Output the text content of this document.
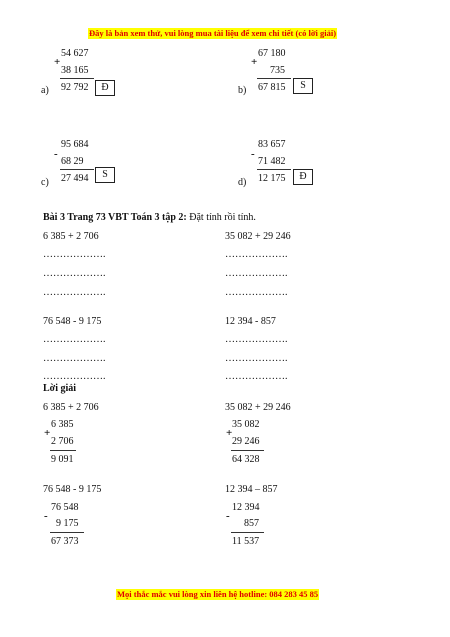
Đây là bản xem thử, vui lòng mua tài liệu để xem chi tiết (có lời giải)
+
54 627
38 165
a) 92 792	Đ
+
67 180
735
b) 67 815	S
-
95 684
68 29
c) 27 494	S
-
83 657
71 482
d) 12 175	Đ
Bài 3 Trang 73 VBT Toán 3 tập 2: Đặt tính rồi tính.
6 385 + 2 706
……………….
……………….
……………….
35 082 + 29 246
……………….
……………….
……………….
76 548 - 9 175
……………….
……………….
……………….
12 394 - 857
……………….
……………….
……………….
Lời giải
6 385 + 2 706
+
6 385
2 706
9 091
35 082 + 29 246
+
35 082
29 246
64 328
76 548 - 9 175
-
76 548
9 175
67 373
12 394 – 857
-
12 394
857
11 537
Mọi thắc mắc vui lòng xin liên hệ hotline: 084 283 45 85
